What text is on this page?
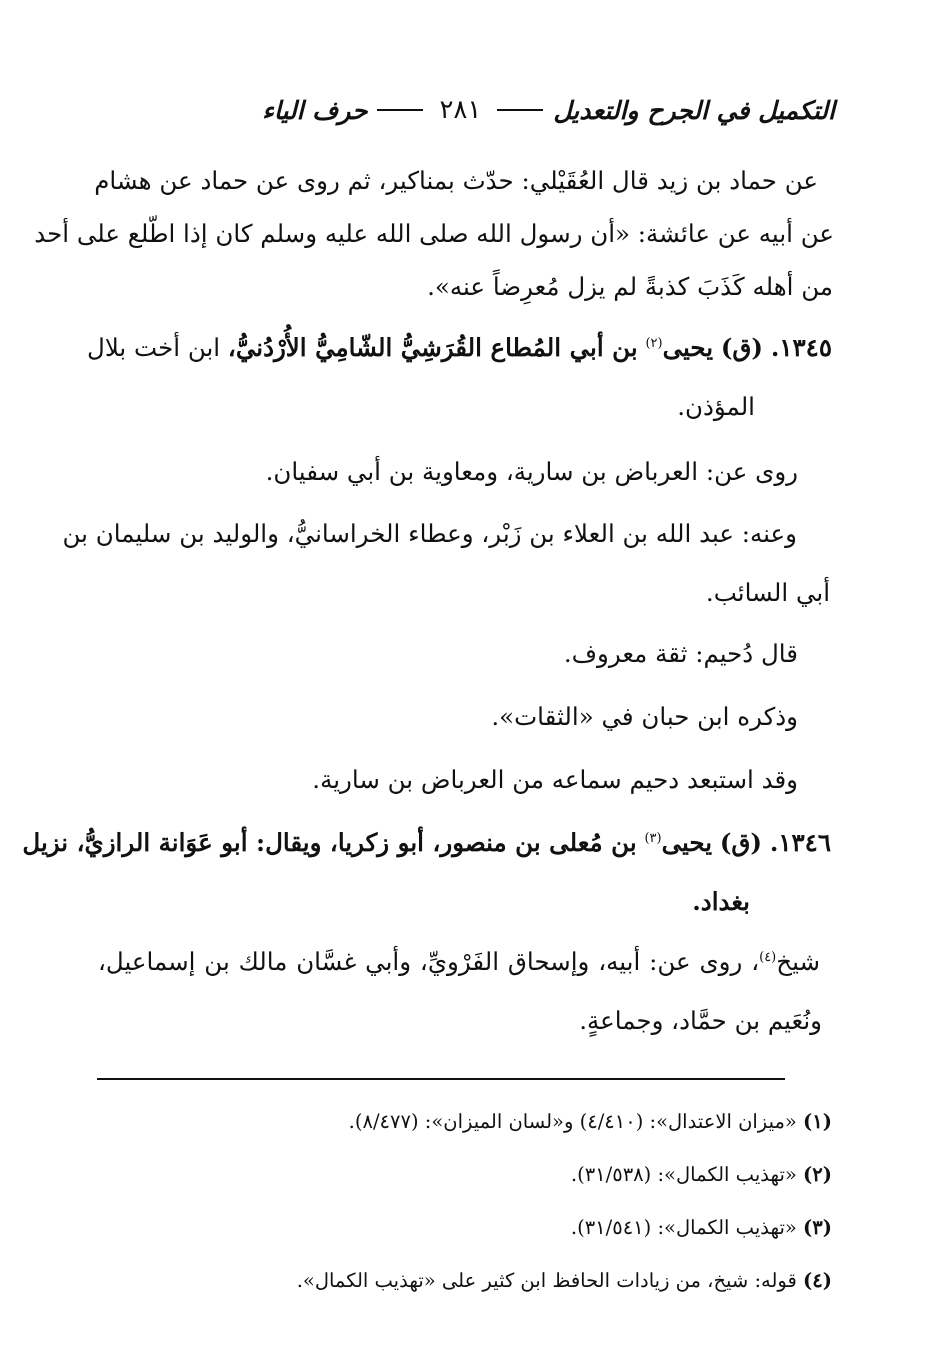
التكميل في الجرح والتعديل
٢٨١
حرف الياء
عن حماد بن زيد قال العُقَيْلي: حدّث بمناكير، ثم روى عن حماد عن هشام
عن أبيه عن عائشة: «أن رسول الله صلى الله عليه وسلم كان إذا اطّلع على أحد
من أهله كَذَبَ كذبةً لم يزل مُعرِضاً عنه».
١٣٤٥. (ق) يحيى$^{(٢)}$ بن أبي المُطاع القُرَشِيُّ الشّامِيُّ الأُرْدُنيُّ، ابن أخت بلال
المؤذن.
روى عن: العرباض بن سارية، ومعاوية بن أبي سفيان.
وعنه: عبد الله بن العلاء بن زَبْر، وعطاء الخراسانيُّ، والوليد بن سليمان بن
أبي السائب.
قال دُحيم: ثقة معروف.
وذكره ابن حبان في «الثقات».
وقد استبعد دحيم سماعه من العرباض بن سارية.
١٣٤٦. (ق) يحيى$^{(٣)}$ بن مُعلى بن منصور، أبو زكريا، ويقال: أبو عَوَانة الرازيُّ، نزيل
بغداد.
شيخ$^{(٤)}$، روى عن: أبيه، وإسحاق الفَرْويِّ، وأبي غسَّان مالك بن إسماعيل،
ونُعَيم بن حمَّاد، وجماعةٍ.
(١) «ميزان الاعتدال»: (٤/٤١٠) و«لسان الميزان»: (٨/٤٧٧).
(٢) «تهذيب الكمال»: (٣١/٥٣٨).
(٣) «تهذيب الكمال»: (٣١/٥٤١).
(٤) قوله: شيخ، من زيادات الحافظ ابن كثير على «تهذيب الكمال».
